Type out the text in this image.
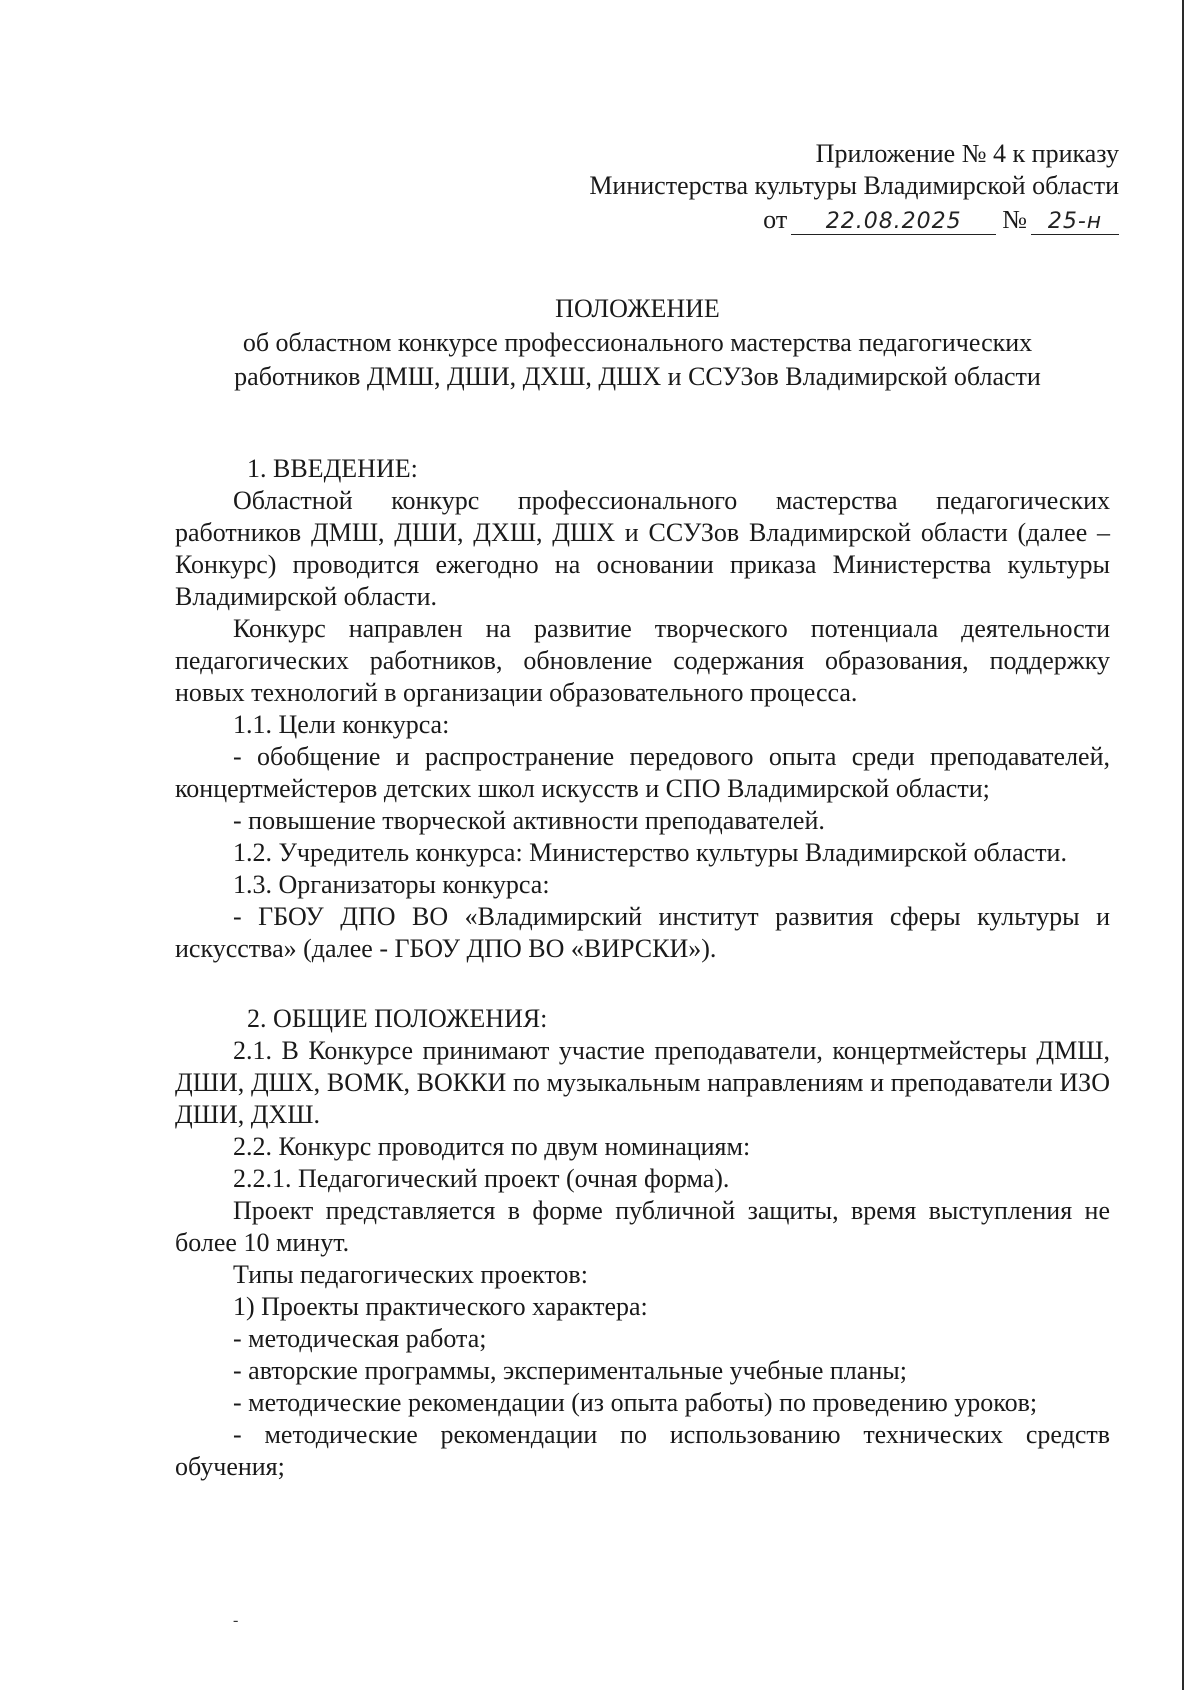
Приложение № 4 к приказу
Министерства культуры Владимирской области
от	22.08.2025	№ 25-н
ПОЛОЖЕНИЕ
об областном конкурсе профессионального мастерства педагогических
работников ДМШ, ДШИ, ДХШ, ДШХ и ССУЗов Владимирской области
1. ВВЕДЕНИЕ:
Областной конкурс профессионального мастерства педагогических работников ДМШ, ДШИ, ДХШ, ДШХ и ССУЗов Владимирской области (далее – Конкурс) проводится ежегодно на основании приказа Министерства культуры Владимирской области.
Конкурс направлен на развитие творческого потенциала деятельности педагогических работников, обновление содержания образования, поддержку новых технологий в организации образовательного процесса.
1.1. Цели конкурса:
- обобщение и распространение передового опыта среди преподавателей, концертмейстеров детских школ искусств и СПО Владимирской области;
- повышение творческой активности преподавателей.
1.2. Учредитель конкурса: Министерство культуры Владимирской области.
1.3. Организаторы конкурса:
- ГБОУ ДПО ВО «Владимирский институт развития сферы культуры и искусства» (далее - ГБОУ ДПО ВО «ВИРСКИ»).
2. ОБЩИЕ ПОЛОЖЕНИЯ:
2.1. В Конкурсе принимают участие преподаватели, концертмейстеры ДМШ, ДШИ, ДШХ, ВОМК, ВОККИ по музыкальным направлениям и преподаватели ИЗО ДШИ, ДХШ.
2.2. Конкурс проводится по двум номинациям:
2.2.1. Педагогический проект (очная форма).
Проект представляется в форме публичной защиты, время выступления не более 10 минут.
Типы педагогических проектов:
1) Проекты практического характера:
- методическая работа;
- авторские программы, экспериментальные учебные планы;
- методические рекомендации (из опыта работы) по проведению уроков;
- методические рекомендации по использованию технических средств обучения;
-
